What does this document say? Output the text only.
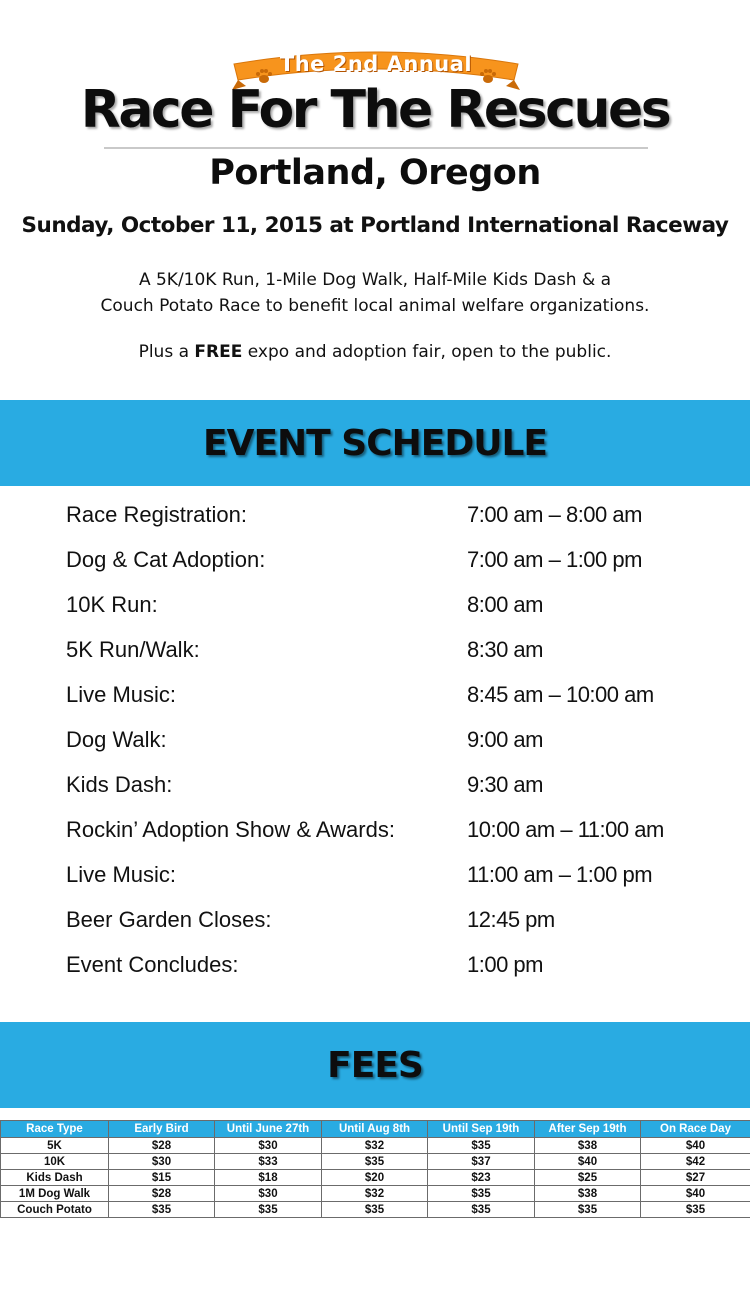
The 2nd Annual
Race For The Rescues
Portland, Oregon
Sunday, October 11, 2015 at Portland International Raceway
A 5K/10K Run, 1-Mile Dog Walk, Half-Mile Kids Dash & a
Couch Potato Race to benefit local animal welfare organizations.
Plus a FREE expo and adoption fair, open to the public.
EVENT SCHEDULE
Race Registration:	7:00 am – 8:00 am
Dog & Cat Adoption:	7:00 am – 1:00 pm
10K Run:	8:00 am
5K Run/Walk:	8:30 am
Live Music:	8:45 am – 10:00 am
Dog Walk:	9:00 am
Kids Dash:	9:30 am
Rockin’ Adoption Show & Awards:	10:00 am – 11:00 am
Live Music:	11:00 am – 1:00 pm
Beer Garden Closes:	12:45 pm
Event Concludes:	1:00 pm
FEES
Race Type	Early Bird	Until June 27th	Until Aug 8th	Until Sep 19th	After Sep 19th	On Race Day
5K	$28	$30	$32	$35	$38	$40
10K	$30	$33	$35	$37	$40	$42
Kids Dash	$15	$18	$20	$23	$25	$27
1M Dog Walk	$28	$30	$32	$35	$38	$40
Couch Potato	$35	$35	$35	$35	$35	$35
